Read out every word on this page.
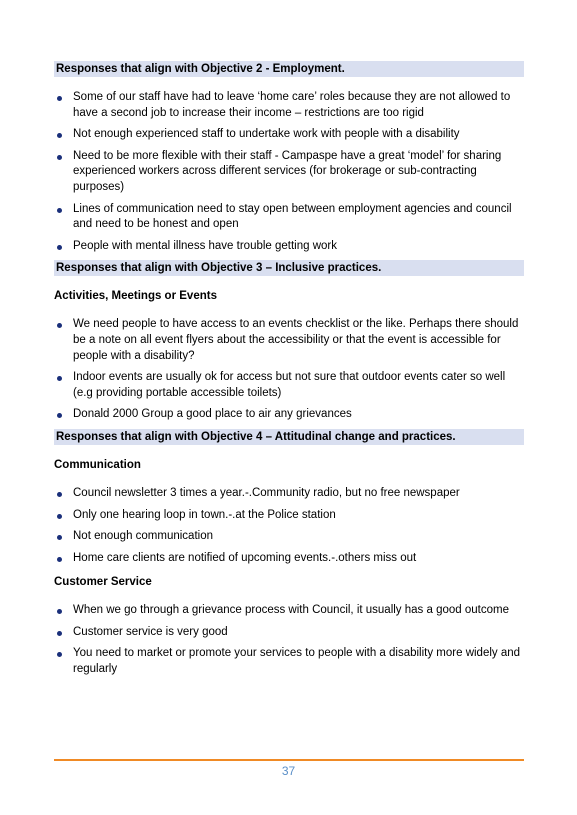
Responses that align with Objective 2 - Employment.
Some of our staff have had to leave ‘home care’ roles because they are not allowed to have a second job to increase their income – restrictions are too rigid
Not enough experienced staff to undertake work with people with a disability
Need to be more flexible with their staff - Campaspe have a great ‘model’ for sharing experienced workers across different services (for brokerage or sub-contracting purposes)
Lines of communication need to stay open between employment agencies and council and need to be honest and open
People with mental illness have trouble getting work
Responses that align with Objective 3 – Inclusive practices.
Activities, Meetings or Events
We need people to have access to an events checklist or the like. Perhaps there should be a note on all event flyers about the accessibility or that the event is accessible for people with a disability?
Indoor events are usually ok for access but not sure that outdoor events cater so well (e.g providing portable accessible toilets)
Donald 2000 Group a good place to air any grievances
Responses that align with Objective 4 – Attitudinal change and practices.
Communication
Council newsletter 3 times a year.-.Community radio, but no free newspaper
Only one hearing loop in town.-.at the Police station
Not enough communication
Home care clients are notified of upcoming events.-.others miss out
Customer Service
When we go through a grievance process with Council, it usually has a good outcome
Customer service is very good
You need to market or promote your services to people with a disability more widely and regularly
37
